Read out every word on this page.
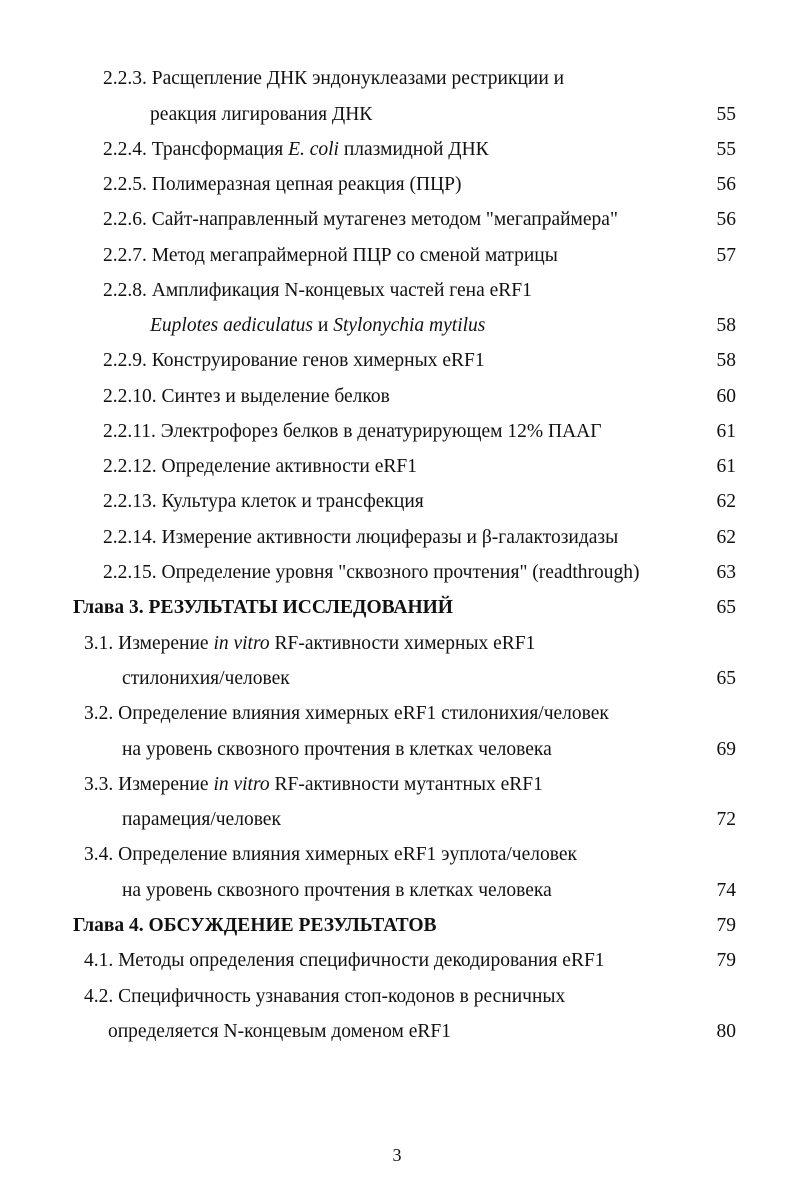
2.2.3. Расщепление ДНК эндонуклеазами рестрикции и
реакция лигирования ДНК	55
2.2.4. Трансформация E. coli плазмидной ДНК	55
2.2.5. Полимеразная цепная реакция (ПЦР)	56
2.2.6. Сайт-направленный мутагенез методом "мегапраймера"	56
2.2.7. Метод мегапраймерной ПЦР со сменой матрицы	57
2.2.8. Амплификация N-концевых частей гена eRF1
Euplotes aediculatus и Stylonychia mytilus	58
2.2.9. Конструирование генов химерных eRF1	58
2.2.10. Синтез и выделение белков	60
2.2.11. Электрофорез белков в денатурирующем 12% ПААГ	61
2.2.12. Определение активности eRF1	61
2.2.13. Культура клеток и трансфекция	62
2.2.14. Измерение активности люциферазы и β-галактозидазы	62
2.2.15. Определение уровня "сквозного прочтения" (readthrough)	63
Глава 3. РЕЗУЛЬТАТЫ ИССЛЕДОВАНИЙ	65
3.1. Измерение in vitro RF-активности химерных eRF1
стилонихия/человек	65
3.2. Определение влияния химерных eRF1 стилонихия/человек
на уровень сквозного прочтения в клетках человека	69
3.3. Измерение in vitro RF-активности мутантных eRF1
парамеция/человек	72
3.4. Определение влияния химерных eRF1 эуплота/человек
на уровень сквозного прочтения в клетках человека	74
Глава 4. ОБСУЖДЕНИЕ РЕЗУЛЬТАТОВ	79
4.1. Методы определения специфичности декодирования eRF1	79
4.2. Специфичность узнавания стоп-кодонов в ресничных
определяется N-концевым доменом eRF1	80
3
